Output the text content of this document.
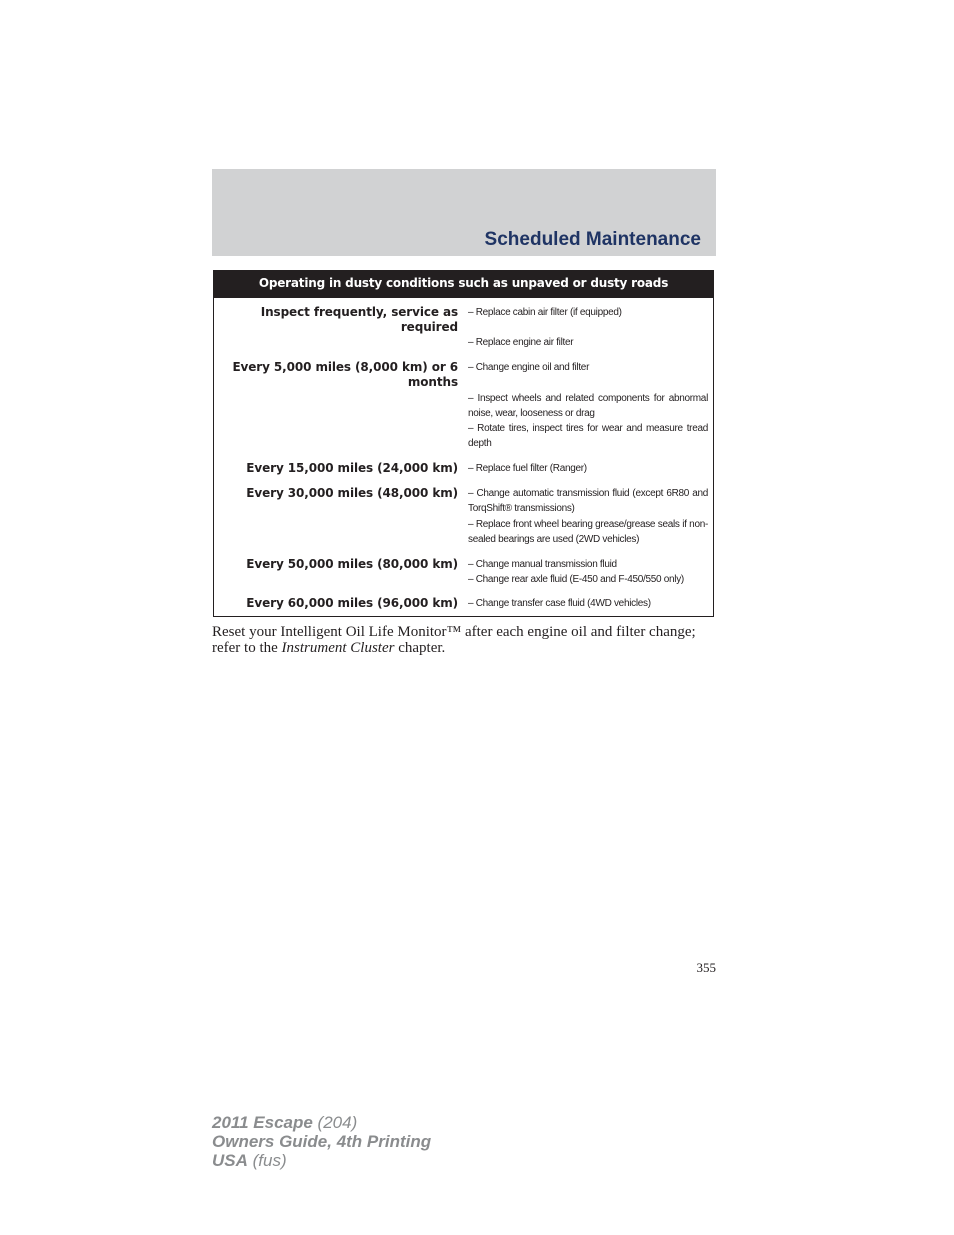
Scheduled Maintenance
Operating in dusty conditions such as unpaved or dusty roads
Inspect frequently, service as required
– Replace cabin air filter (if equipped)
– Replace engine air filter
Every 5,000 miles (8,000 km) or 6 months
– Change engine oil and filter
– Inspect wheels and related components for abnormal noise, wear, looseness or drag
– Rotate tires, inspect tires for wear and measure tread depth
Every 15,000 miles (24,000 km) – Replace fuel filter (Ranger)
Every 30,000 miles (48,000 km) – Change automatic transmission fluid (except 6R80 and TorqShift® transmissions)
– Replace front wheel bearing grease/grease seals if non-sealed bearings are used (2WD vehicles)
Every 50,000 miles (80,000 km) – Change manual transmission fluid
– Change rear axle fluid (E-450 and F-450/550 only)
Every 60,000 miles (96,000 km) – Change transfer case fluid (4WD vehicles)
Reset your Intelligent Oil Life Monitor™ after each engine oil and filter change; refer to the Instrument Cluster chapter.
355
2011 Escape (204)
Owners Guide, 4th Printing
USA (fus)
